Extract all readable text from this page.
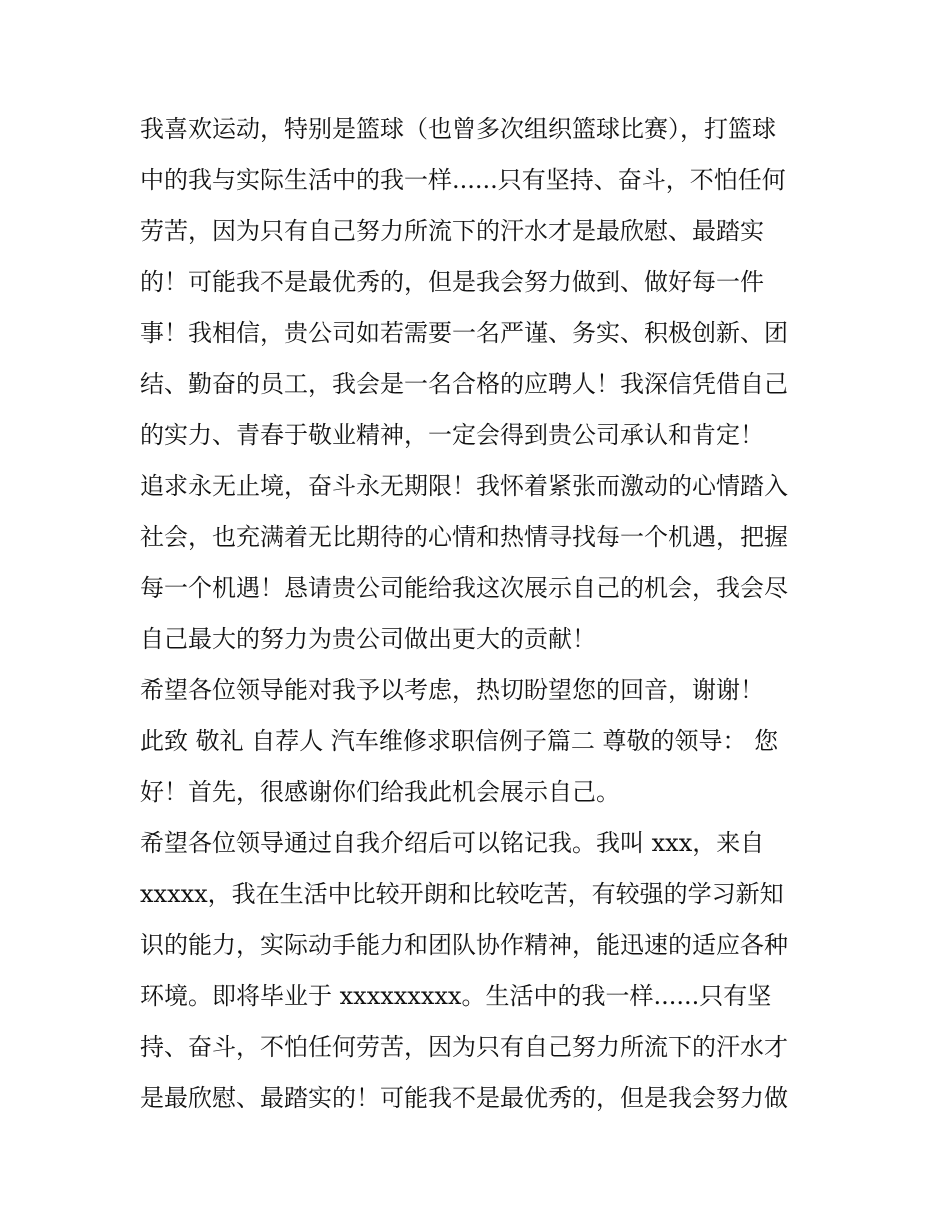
我喜欢运动，特别是篮球（也曾多次组织篮球比赛），打篮球
中的我与实际生活中的我一样......只有坚持、奋斗，不怕任何
劳苦，因为只有自己努力所流下的汗水才是最欣慰、最踏实
的！可能我不是最优秀的，但是我会努力做到、做好每一件
事！我相信，贵公司如若需要一名严谨、务实、积极创新、团
结、勤奋的员工，我会是一名合格的应聘人！我深信凭借自己
的实力、青春于敬业精神，一定会得到贵公司承认和肯定！
追求永无止境，奋斗永无期限！我怀着紧张而激动的心情踏入
社会，也充满着无比期待的心情和热情寻找每一个机遇，把握
每一个机遇！恳请贵公司能给我这次展示自己的机会，我会尽
自己最大的努力为贵公司做出更大的贡献！
希望各位领导能对我予以考虑，热切盼望您的回音，谢谢！
此致 敬礼 自荐人 汽车维修求职信例子篇二 尊敬的领导： 您
好！首先，很感谢你们给我此机会展示自己。
希望各位领导通过自我介绍后可以铭记我。我叫 xxx，来自
xxxxx，我在生活中比较开朗和比较吃苦，有较强的学习新知
识的能力，实际动手能力和团队协作精神，能迅速的适应各种
环境。即将毕业于 xxxxxxxxx。生活中的我一样......只有坚
持、奋斗，不怕任何劳苦，因为只有自己努力所流下的汗水才
是最欣慰、最踏实的！可能我不是最优秀的，但是我会努力做
